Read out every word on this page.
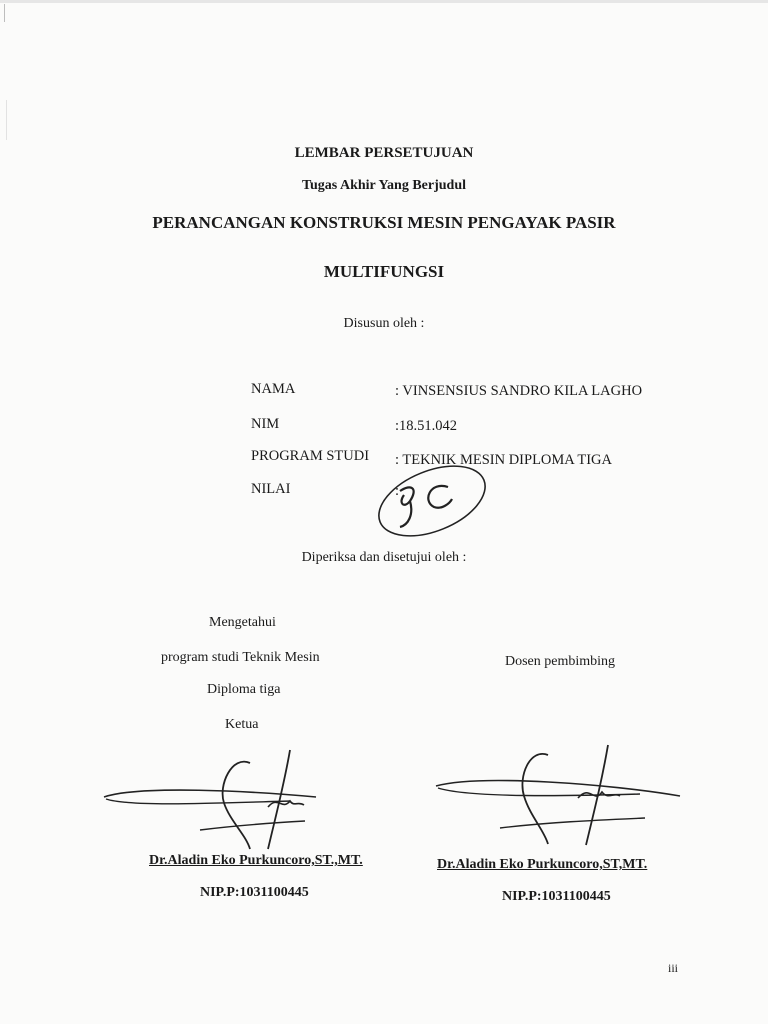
LEMBAR PERSETUJUAN
Tugas Akhir Yang Berjudul
PERANCANGAN KONSTRUKSI MESIN PENGAYAK PASIR
MULTIFUNGSI
Disusun oleh :
NAMA	: VINSENSIUS SANDRO KILA LAGHO
NIM	:18.51.042
PROGRAM STUDI : TEKNIK MESIN DIPLOMA TIGA
NILAI	:
Diperiksa dan disetujui oleh :
Mengetahui
program studi Teknik Mesin
Diploma tiga
Ketua
Dosen pembimbing
Dr.Aladin Eko Purkuncoro,ST.,MT.	Dr.Aladin Eko Purkuncoro,ST,MT.
NIP.P:1031100445	NIP.P:1031100445
iii
